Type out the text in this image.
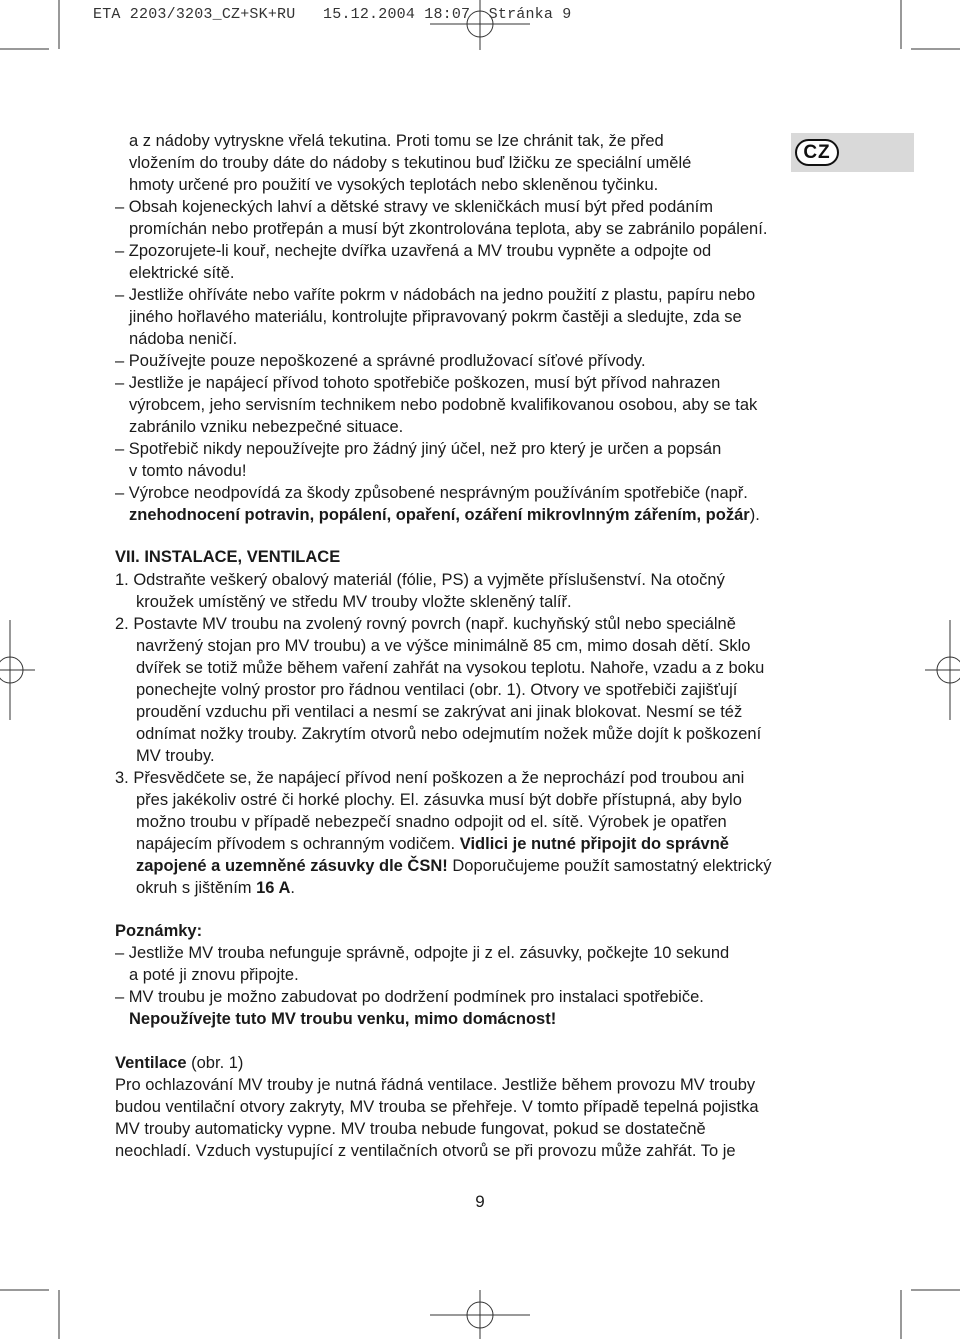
ETA 2203/3203_CZ+SK+RU   15.12.2004 18:07  Stránka 9
CZ
a z nádoby vytryskne vřelá tekutina. Proti tomu se lze chránit tak, že před
vložením do trouby dáte do nádoby s tekutinou buď lžičku ze speciální umělé
hmoty určené pro použití ve vysokých teplotách nebo skleněnou tyčinku.
– Obsah kojeneckých lahví a dětské stravy ve skleničkách musí být před podáním
promíchán nebo protřepán a musí být zkontrolována teplota, aby se zabránilo popálení.
– Zpozorujete-li kouř, nechejte dvířka uzavřená a MV troubu vypněte a odpojte od
elektrické sítě.
– Jestliže ohříváte nebo vaříte pokrm v nádobách na jedno použití z plastu, papíru nebo
jiného hořlavého materiálu, kontrolujte připravovaný pokrm častěji a sledujte, zda se
nádoba neničí.
– Používejte pouze nepoškozené a správné prodlužovací síťové přívody.
– Jestliže je napájecí přívod tohoto spotřebiče poškozen, musí být přívod nahrazen
výrobcem, jeho servisním technikem nebo podobně kvalifikovanou osobou, aby se tak
zabránilo vzniku nebezpečné situace.
– Spotřebič nikdy nepoužívejte pro žádný jiný účel, než pro který je určen a popsán
v tomto návodu!
– Výrobce neodpovídá za škody způsobené nesprávným používáním spotřebiče (např.
znehodnocení potravin, popálení, opaření, ozáření mikrovlnným zářením, požár).
VII. INSTALACE, VENTILACE
1. Odstraňte veškerý obalový materiál (fólie, PS) a vyjměte příslušenství. Na otočný
kroužek umístěný ve středu MV trouby vložte skleněný talíř.
2. Postavte MV troubu na zvolený rovný povrch (např. kuchyňský stůl nebo speciálně
navržený stojan pro MV troubu) a ve výšce minimálně 85 cm, mimo dosah dětí. Sklo
dvířek se totiž může během vaření zahřát na vysokou teplotu. Nahoře, vzadu a z boku
ponechejte volný prostor pro řádnou ventilaci (obr. 1). Otvory ve spotřebiči zajišťují
proudění vzduchu při ventilaci a nesmí se zakrývat ani jinak blokovat. Nesmí se též
odnímat nožky trouby. Zakrytím otvorů nebo odejmutím nožek může dojít k poškození
MV trouby.
3. Přesvědčete se, že napájecí přívod není poškozen a že neprochází pod troubou ani
přes jakékoliv ostré či horké plochy. El. zásuvka musí být dobře přístupná, aby bylo
možno troubu v případě nebezpečí snadno odpojit od el. sítě. Výrobek je opatřen
napájecím přívodem s ochranným vodičem. Vidlici je nutné připojit do správně
zapojené a uzemněné zásuvky dle ČSN! Doporučujeme použít samostatný elektrický
okruh s jištěním 16 A.
Poznámky:
– Jestliže MV trouba nefunguje správně, odpojte ji z el. zásuvky, počkejte 10 sekund
a poté ji znovu připojte.
– MV troubu je možno zabudovat po dodržení podmínek pro instalaci spotřebiče.
Nepoužívejte tuto MV troubu venku, mimo domácnost!
Ventilace (obr. 1)
Pro ochlazování MV trouby je nutná řádná ventilace. Jestliže během provozu MV trouby
budou ventilační otvory zakryty, MV trouba se přehřeje. V tomto případě tepelná pojistka
MV trouby automaticky vypne. MV trouba nebude fungovat, pokud se dostatečně
neochladí. Vzduch vystupující z ventilačních otvorů se při provozu může zahřát. To je
9
